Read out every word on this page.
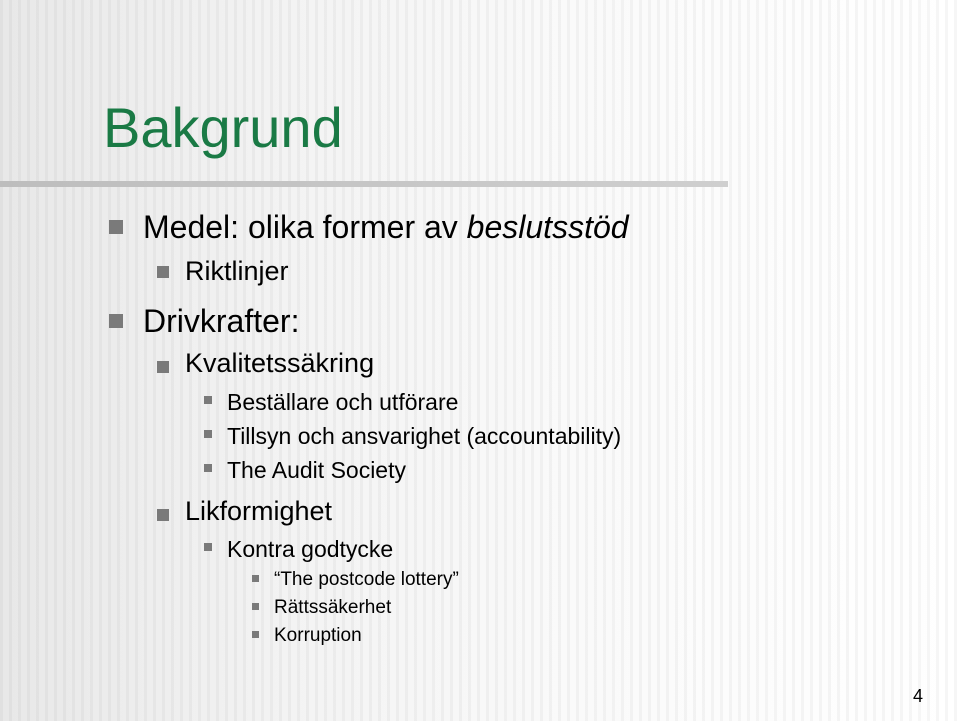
Bakgrund
Medel: olika former av beslutsstöd
Riktlinjer
Drivkrafter:
Kvalitetssäkring
Beställare och utförare
Tillsyn och ansvarighet (accountability)
The Audit Society
Likformighet
Kontra godtycke
“The postcode lottery”
Rättssäkerhet
Korruption
4
